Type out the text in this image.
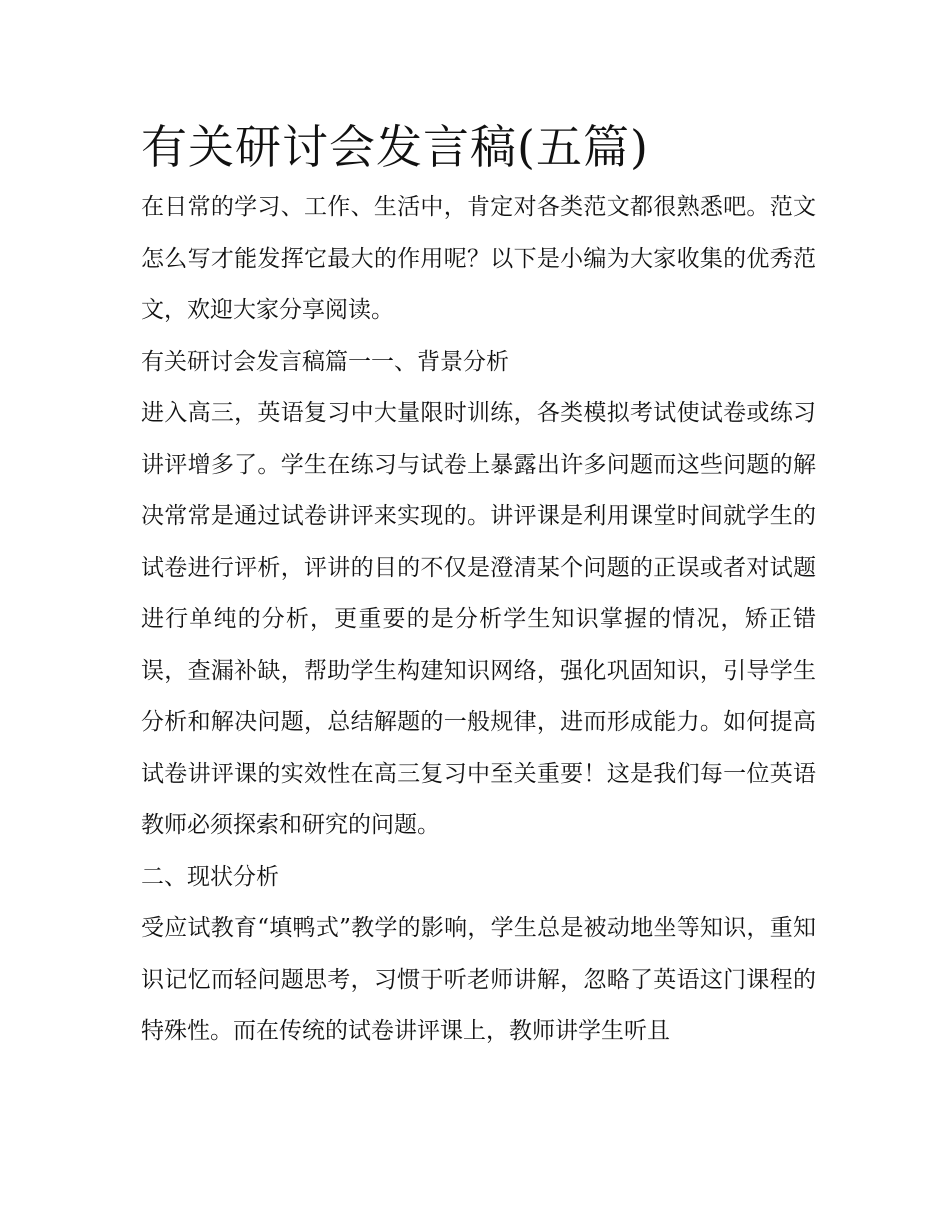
有关研讨会发言稿(五篇)

在日常的学习、工作、生活中，肯定对各类范文都很熟悉吧。范文怎么写才能发挥它最大的作用呢？以下是小编为大家收集的优秀范文，欢迎大家分享阅读。

有关研讨会发言稿篇一一、背景分析

进入高三，英语复习中大量限时训练，各类模拟考试使试卷或练习讲评增多了。学生在练习与试卷上暴露出许多问题而这些问题的解决常常是通过试卷讲评来实现的。讲评课是利用课堂时间就学生的试卷进行评析，评讲的目的不仅是澄清某个问题的正误或者对试题进行单纯的分析，更重要的是分析学生知识掌握的情况，矫正错误，查漏补缺，帮助学生构建知识网络，强化巩固知识，引导学生分析和解决问题，总结解题的一般规律，进而形成能力。如何提高试卷讲评课的实效性在高三复习中至关重要！这是我们每一位英语教师必须探索和研究的问题。

二、现状分析

受应试教育“填鸭式”教学的影响，学生总是被动地坐等知识，重知识记忆而轻问题思考，习惯于听老师讲解，忽略了英语这门课程的特殊性。而在传统的试卷讲评课上，教师讲学生听且
